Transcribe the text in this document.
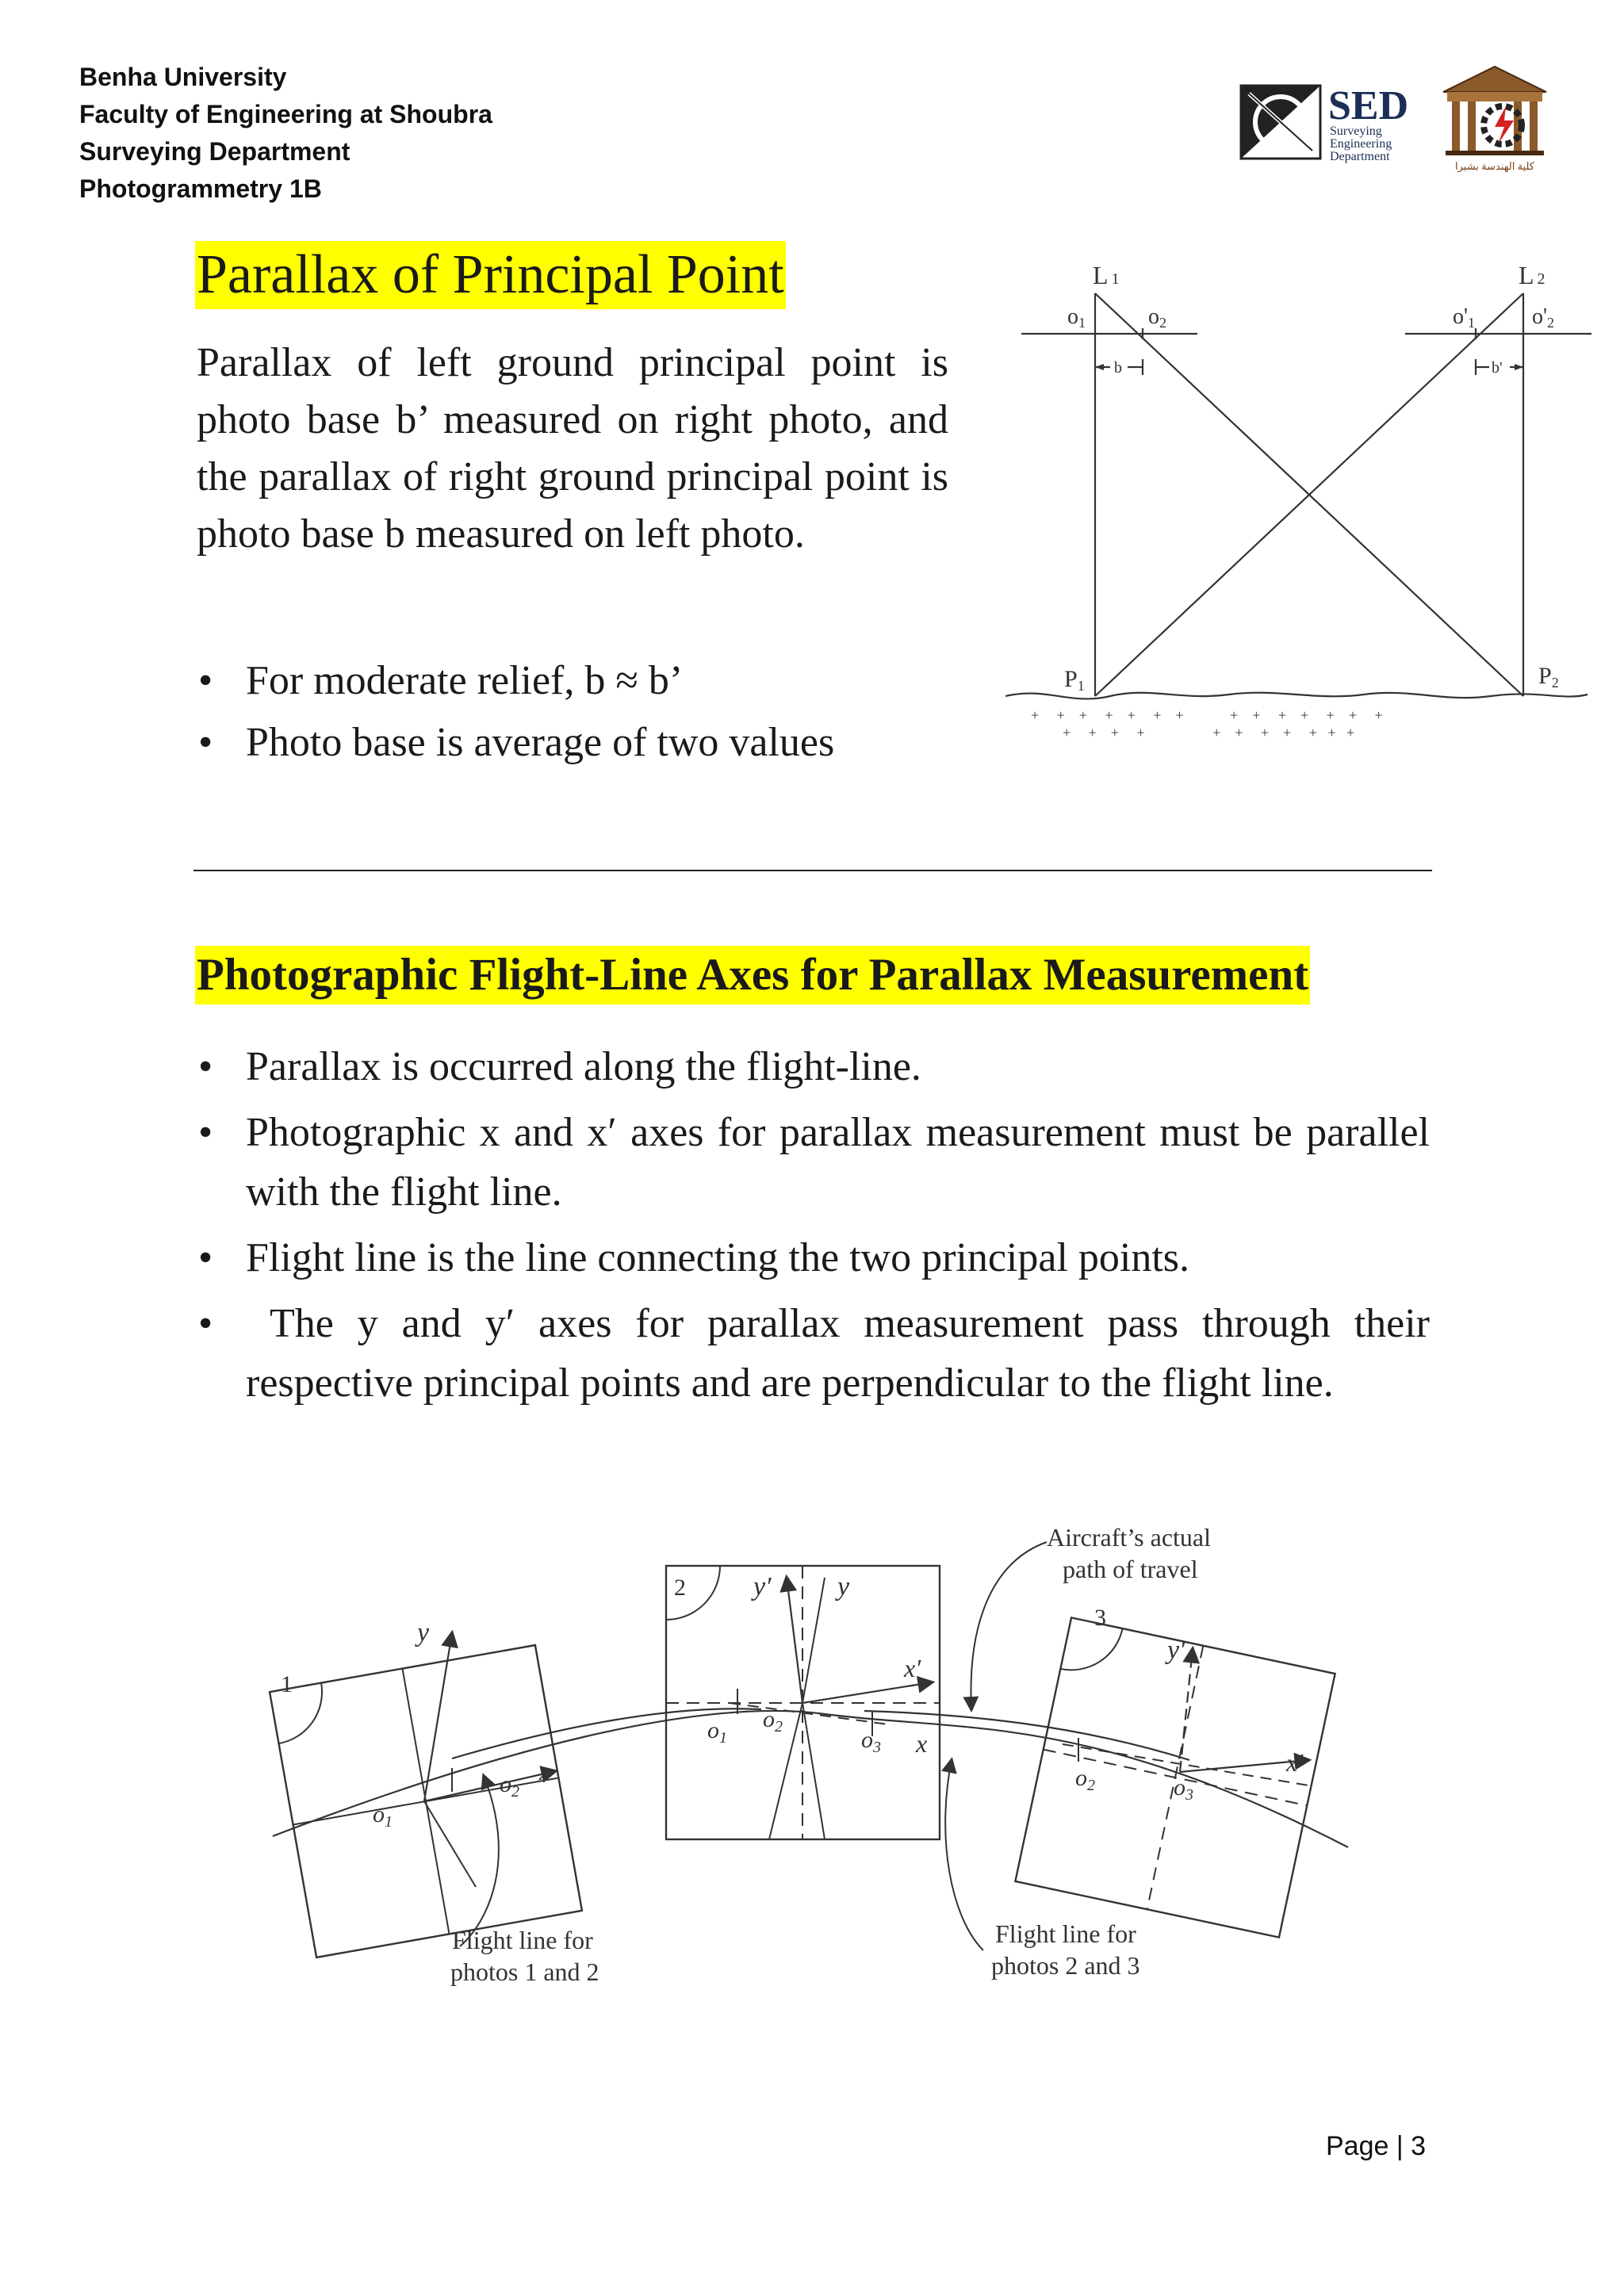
Benha University
Faculty of Engineering at Shoubra
Surveying Department
Photogrammetry 1B
SED
Surveying
Engineering
Department
كلية الهندسة بشبرا
Parallax of Principal Point
Parallax of left ground principal point is photo base b’ measured on right photo, and the parallax of right ground principal point is photo base b measured on left photo.
• For moderate relief, b ≈ b’
• Photo base is average of two values
+     +    +     +    +     +    +             +    +     +    +     +    +     +
+     +    +     +                   +    +     +    +     +   +   +
L 1	L 2
o1	o2	o'1	o'2
b	b'
P1	P2
Photographic Flight-Line Axes for Parallax Measurement
• Parallax is occurred along the flight-line.
• Photographic x and x′ axes for parallax measurement must be parallel with the flight line.
• Flight line is the line connecting the two principal points.
• The y and y′ axes for parallax measurement pass through their respective principal points and are perpendicular to the flight line.
1
y
$o_1$
$o_2$
x
2	y′ y
x′
$o_1$
$o_2$	$o_3$ x
3
y′
x′
$o_2$	$o_3$
Aircraft’s actual
path of travel
Flight line for
photos 1 and 2
Flight line for
photos 2 and 3
Page | 3
